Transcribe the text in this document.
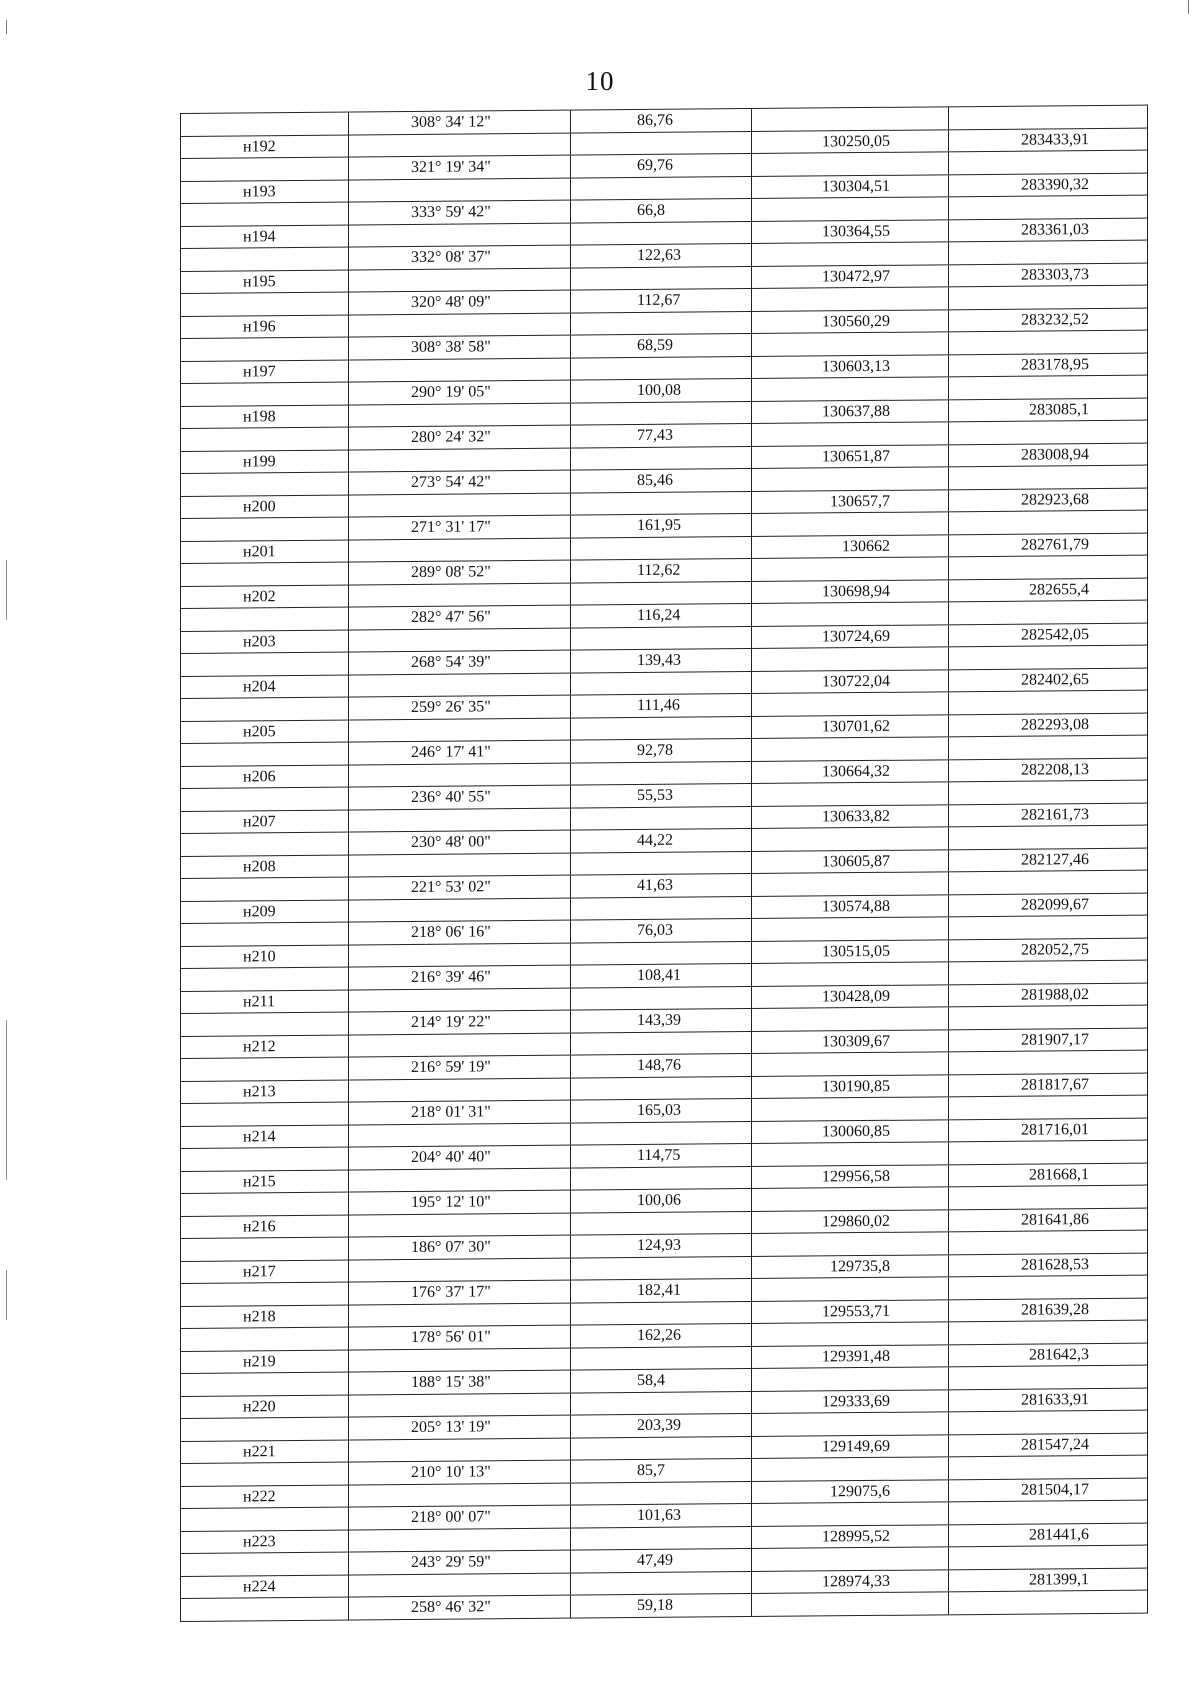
10
308° 34' 12"	86,76
н192	130250,05	283433,91
321° 19' 34"	69,76
н193	130304,51	283390,32
333° 59' 42"	66,8
н194	130364,55	283361,03
332° 08' 37"	122,63
н195	130472,97	283303,73
320° 48' 09"	112,67
н196	130560,29	283232,52
308° 38' 58"	68,59
н197	130603,13	283178,95
290° 19' 05"	100,08
н198	130637,88	283085,1
280° 24' 32"	77,43
н199	130651,87	283008,94
273° 54' 42"	85,46
н200	130657,7	282923,68
271° 31' 17"	161,95
н201	130662	282761,79
289° 08' 52"	112,62
н202	130698,94	282655,4
282° 47' 56"	116,24
н203	130724,69	282542,05
268° 54' 39"	139,43
н204	130722,04	282402,65
259° 26' 35"	111,46
н205	130701,62	282293,08
246° 17' 41"	92,78
н206	130664,32	282208,13
236° 40' 55"	55,53
н207	130633,82	282161,73
230° 48' 00"	44,22
н208	130605,87	282127,46
221° 53' 02"	41,63
н209	130574,88	282099,67
218° 06' 16"	76,03
н210	130515,05	282052,75
216° 39' 46"	108,41
н211	130428,09	281988,02
214° 19' 22"	143,39
н212	130309,67	281907,17
216° 59' 19"	148,76
н213	130190,85	281817,67
218° 01' 31"	165,03
н214	130060,85	281716,01
204° 40' 40"	114,75
н215	129956,58	281668,1
195° 12' 10"	100,06
н216	129860,02	281641,86
186° 07' 30"	124,93
н217	129735,8	281628,53
176° 37' 17"	182,41
н218	129553,71	281639,28
178° 56' 01"	162,26
н219	129391,48	281642,3
188° 15' 38"	58,4
н220	129333,69	281633,91
205° 13' 19"	203,39
н221	129149,69	281547,24
210° 10' 13"	85,7
н222	129075,6	281504,17
218° 00' 07"	101,63
н223	128995,52	281441,6
243° 29' 59"	47,49
н224	128974,33	281399,1
258° 46' 32"	59,18
